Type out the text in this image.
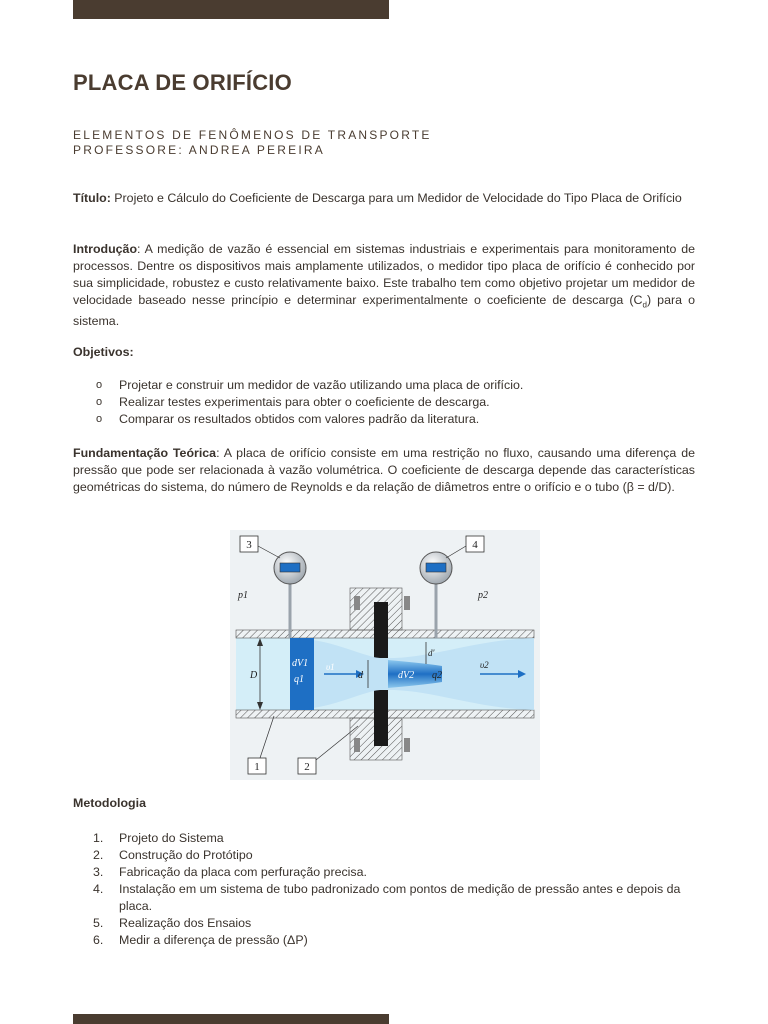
PLACA DE ORIFÍCIO
ELEMENTOS DE FENÔMENOS DE TRANSPORTE
PROFESSORE: ANDREA PEREIRA

Título: Projeto e Cálculo do Coeficiente de Descarga para um Medidor de Velocidade do Tipo Placa de Orifício

Introdução: A medição de vazão é essencial em sistemas industriais e experimentais para monitoramento de processos. Dentre os dispositivos mais amplamente utilizados, o medidor tipo placa de orifício é conhecido por sua simplicidade, robustez e custo relativamente baixo. Este trabalho tem como objetivo projetar um medidor de velocidade baseado nesse princípio e determinar experimentalmente o coeficiente de descarga $(C_d)$ para o sistema.

Objetivos:

o Projetar e construir um medidor de vazão utilizando uma placa de orifício.
o Realizar testes experimentais para obter o coeficiente de descarga.
o Comparar os resultados obtidos com valores padrão da literatura.

Fundamentação Teórica: A placa de orifício consiste em uma restrição no fluxo, causando uma diferença de pressão que pode ser relacionada à vazão volumétrica. O coeficiente de descarga depende das características geométricas do sistema, do número de Reynolds e da relação de diâmetros entre o orifício e o tubo (β = d/D).

3	4
1	2
p1	p2
D	d
d'
dV1
q1
υ1
dV2 q2
υ2

Metodologia

1. Projeto do Sistema
2. Construção do Protótipo
3. Fabricação da placa com perfuração precisa.
4. Instalação em um sistema de tubo padronizado com pontos de medição de pressão antes e depois da placa.
5. Realização dos Ensaios
6. Medir a diferença de pressão (ΔP)
